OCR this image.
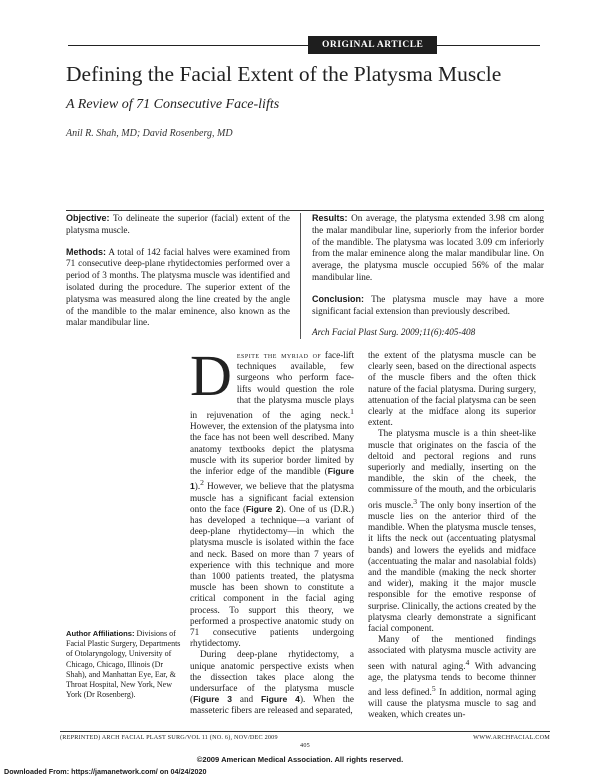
ORIGINAL ARTICLE
Defining the Facial Extent of the Platysma Muscle
A Review of 71 Consecutive Face-lifts
Anil R. Shah, MD; David Rosenberg, MD

Objective: To delineate the superior (facial) extent of the platysma muscle.

Methods: A total of 142 facial halves were examined from 71 consecutive deep-plane rhytidectomies performed over a period of 3 months. The platysma muscle was identified and isolated during the procedure. The superior extent of the platysma was measured along the line created by the angle of the mandible to the malar eminence, also known as the malar mandibular line.

Results: On average, the platysma extended 3.98 cm along the malar mandibular line, superiorly from the inferior border of the mandible. The platysma was located 3.09 cm inferiorly from the malar eminence along the malar mandibular line. On average, the platysma muscle occupied 56% of the malar mandibular line.

Conclusion: The platysma muscle may have a more significant facial extension than previously described.

Arch Facial Plast Surg. 2009;11(6):405-408

D espite the myriad of face-lift techniques available, few surgeons who perform face-lifts would question the role that the platysma muscle plays in rejuvenation of the aging neck.$^1$ However, the extension of the platysma into the face has not been well described. Many anatomy textbooks depict the platysma muscle with its superior border limited by the inferior edge of the mandible (Figure 1).$^2$ However, we believe that the platysma muscle has a significant facial extension onto the face (Figure 2). One of us (D.R.) has developed a technique—a variant of deep-plane rhytidectomy—in which the platysma muscle is isolated within the face and neck. Based on more than 7 years of experience with this technique and more than 1000 patients treated, the platysma muscle has been shown to constitute a critical component in the facial aging process. To support this theory, we performed a prospective anatomic study on 71 consecutive patients undergoing rhytidectomy.

During deep-plane rhytidectomy, a unique anatomic perspective exists when the dissection takes place along the undersurface of the platysma muscle (Figure 3 and Figure 4). When the masseteric fibers are released and separated,

the extent of the platysma muscle can be clearly seen, based on the directional aspects of the muscle fibers and the often thick nature of the facial platysma. During surgery, attenuation of the facial platysma can be seen clearly at the midface along its superior extent.

The platysma muscle is a thin sheet-like muscle that originates on the fascia of the deltoid and pectoral regions and runs superiorly and medially, inserting on the mandible, the skin of the cheek, the commissure of the mouth, and the orbicularis oris muscle.$^3$ The only bony insertion of the muscle lies on the anterior third of the mandible. When the platysma muscle tenses, it lifts the neck out (accentuating platysmal bands) and lowers the eyelids and midface (accentuating the malar and nasolabial folds) and the mandible (making the neck shorter and wider), making it the major muscle responsible for the emotive response of surprise. Clinically, the actions created by the platysma clearly demonstrate a significant facial component.

Many of the mentioned findings associated with platysma muscle activity are seen with natural aging.$^4$ With advancing age, the platysma tends to become thinner and less defined.$^5$ In addition, normal aging will cause the platysma muscle to sag and weaken, which creates un-

Author Affiliations: Divisions of Facial Plastic Surgery, Departments of Otolaryngology, University of Chicago, Chicago, Illinois (Dr Shah), and Manhattan Eye, Ear, & Throat Hospital, New York, New York (Dr Rosenberg).
(REPRINTED) ARCH FACIAL PLAST SURG/VOL 11 (NO. 6), NOV/DEC 2009	WWW.ARCHFACIAL.COM
405
©2009 American Medical Association. All rights reserved.
Downloaded From: https://jamanetwork.com/ on 04/24/2020
